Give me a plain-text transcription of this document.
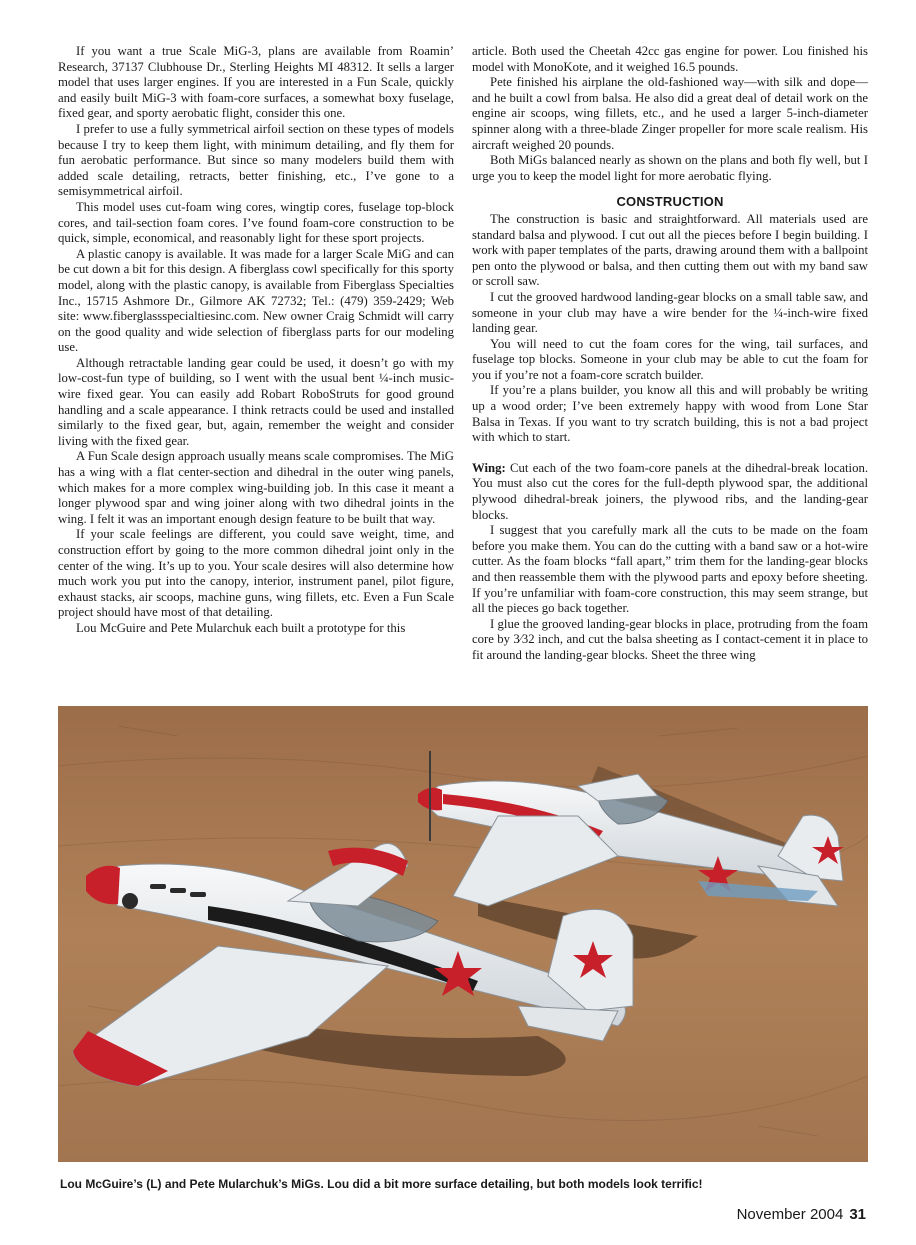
If you want a true Scale MiG-3, plans are available from Roamin’ Research, 37137 Clubhouse Dr., Sterling Heights MI 48312. It sells a larger model that uses larger engines. If you are interested in a Fun Scale, quickly and easily built MiG-3 with foam-core surfaces, a somewhat boxy fuselage, fixed gear, and sporty aerobatic flight, consider this one.

I prefer to use a fully symmetrical airfoil section on these types of models because I try to keep them light, with minimum detailing, and fly them for fun aerobatic performance. But since so many modelers build them with added scale detailing, retracts, better finishing, etc., I’ve gone to a semisymmetrical airfoil.

This model uses cut-foam wing cores, wingtip cores, fuselage top-block cores, and tail-section foam cores. I’ve found foam-core construction to be quick, simple, economical, and reasonably light for these sport projects.

A plastic canopy is available. It was made for a larger Scale MiG and can be cut down a bit for this design. A fiberglass cowl specifically for this sporty model, along with the plastic canopy, is available from Fiberglass Specialties Inc., 15715 Ashmore Dr., Gilmore AK 72732; Tel.: (479) 359-2429; Web site: www.fiberglassspecialtiesinc.com. New owner Craig Schmidt will carry on the good quality and wide selection of fiberglass parts for our modeling use.

Although retractable landing gear could be used, it doesn’t go with my low-cost-fun type of building, so I went with the usual bent ¼-inch music-wire fixed gear. You can easily add Robart RoboStruts for good ground handling and a scale appearance. I think retracts could be used and installed similarly to the fixed gear, but, again, remember the weight and consider living with the fixed gear.

A Fun Scale design approach usually means scale compromises. The MiG has a wing with a flat center-section and dihedral in the outer wing panels, which makes for a more complex wing-building job. In this case it meant a longer plywood spar and wing joiner along with two dihedral joints in the wing. I felt it was an important enough design feature to be built that way.

If your scale feelings are different, you could save weight, time, and construction effort by going to the more common dihedral joint only in the center of the wing. It’s up to you. Your scale desires will also determine how much work you put into the canopy, interior, instrument panel, pilot figure, exhaust stacks, air scoops, machine guns, wing fillets, etc. Even a Fun Scale project should have most of that detailing.

Lou McGuire and Pete Mularchuk each built a prototype for this

article. Both used the Cheetah 42cc gas engine for power. Lou finished his model with MonoKote, and it weighed 16.5 pounds.

Pete finished his airplane the old-fashioned way—with silk and dope—and he built a cowl from balsa. He also did a great deal of detail work on the engine air scoops, wing fillets, etc., and he used a larger 5-inch-diameter spinner along with a three-blade Zinger propeller for more scale realism. His aircraft weighed 20 pounds.

Both MiGs balanced nearly as shown on the plans and both fly well, but I urge you to keep the model light for more aerobatic flying.

CONSTRUCTION

The construction is basic and straightforward. All materials used are standard balsa and plywood. I cut out all the pieces before I begin building. I work with paper templates of the parts, drawing around them with a ballpoint pen onto the plywood or balsa, and then cutting them out with my band saw or scroll saw.

I cut the grooved hardwood landing-gear blocks on a small table saw, and someone in your club may have a wire bender for the ¼-inch-wire fixed landing gear.

You will need to cut the foam cores for the wing, tail surfaces, and fuselage top blocks. Someone in your club may be able to cut the foam for you if you’re not a foam-core scratch builder.

If you’re a plans builder, you know all this and will probably be writing up a wood order; I’ve been extremely happy with wood from Lone Star Balsa in Texas. If you want to try scratch building, this is not a bad project with which to start.

Wing: Cut each of the two foam-core panels at the dihedral-break location. You must also cut the cores for the full-depth plywood spar, the additional plywood dihedral-break joiners, the plywood ribs, and the landing-gear blocks.

I suggest that you carefully mark all the cuts to be made on the foam before you make them. You can do the cutting with a band saw or a hot-wire cutter. As the foam blocks “fall apart,” trim them for the landing-gear blocks and then reassemble them with the plywood parts and epoxy before sheeting. If you’re unfamiliar with foam-core construction, this may seem strange, but all the pieces go back together.

I glue the grooved landing-gear blocks in place, protruding from the foam core by 3⁄32 inch, and cut the balsa sheeting as I contact-cement it in place to fit around the landing-gear blocks. Sheet the three wing

Lou McGuire’s (L) and Pete Mularchuk’s MiGs. Lou did a bit more surface detailing, but both models look terrific!
November 2004 31
